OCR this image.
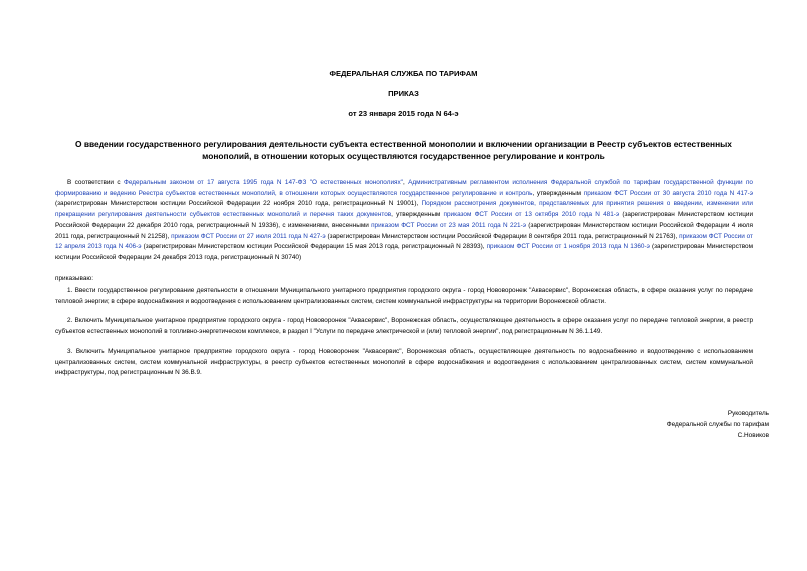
ФЕДЕРАЛЬНАЯ СЛУЖБА ПО ТАРИФАМ
ПРИКАЗ
от 23 января 2015 года N 64-э
О введении государственного регулирования деятельности субъекта естественной монополии и включении организации в Реестр субъектов естественных монополий, в отношении которых осуществляются государственное регулирование и контроль
В соответствии с Федеральным законом от 17 августа 1995 года N 147-ФЗ "О естественных монополиях", Административным регламентом исполнения Федеральной службой по тарифам государственной функции по формированию и ведению Реестра субъектов естественных монополий, в отношении которых осуществляются государственное регулирование и контроль, утвержденным приказом ФСТ России от 30 августа 2010 года N 417-э (зарегистрирован Министерством юстиции Российской Федерации 22 ноября 2010 года, регистрационный N 19001), Порядком рассмотрения документов, представляемых для принятия решения о введении, изменении или прекращении регулирования деятельности субъектов естественных монополий и перечня таких документов, утвержденным приказом ФСТ России от 13 октября 2010 года N 481-э (зарегистрирован Министерством юстиции Российской Федерации 22 декабря 2010 года, регистрационный N 19336), с изменениями, внесенными приказом ФСТ России от 23 мая 2011 года N 221-э (зарегистрирован Министерством юстиции Российской Федерации 4 июля 2011 года, регистрационный N 21258), приказом ФСТ России от 27 июля 2011 года N 427-э (зарегистрирован Министерством юстиции Российской Федерации 8 сентября 2011 года, регистрационный N 21763), приказом ФСТ России от 12 апреля 2013 года N 406-э (зарегистрирован Министерством юстиции Российской Федерации 15 мая 2013 года, регистрационный N 28393), приказом ФСТ России от 1 ноября 2013 года N 1360-э (зарегистрирован Министерством юстиции Российской Федерации 24 декабря 2013 года, регистрационный N 30740)
приказываю:
1. Ввести государственное регулирование деятельности в отношении Муниципального унитарного предприятия городского округа - город Нововоронеж "Аквасервис", Воронежская область, в сфере оказания услуг по передаче тепловой энергии; в сфере водоснабжения и водоотведения с использованием централизованных систем, систем коммунальной инфраструктуры на территории Воронежской области.
2. Включить Муниципальное унитарное предприятие городского округа - город Нововоронеж "Аквасервис", Воронежская область, осуществляющее деятельность в сфере оказания услуг по передаче тепловой энергии, в реестр субъектов естественных монополий в топливно-энергетическом комплексе, в раздел I "Услуги по передаче электрической и (или) тепловой энергии", под регистрационным N 36.1.149.
3. Включить Муниципальное унитарное предприятие городского округа - город Нововоронеж "Аквасервис", Воронежская область, осуществляющее деятельность по водоснабжению и водоотведению с использованием централизованных систем, систем коммунальной инфраструктуры, в реестр субъектов естественных монополий в сфере водоснабжения и водоотведения с использованием централизованных систем, систем коммунальной инфраструктуры, под регистрационным N 36.В.9.
Руководитель
Федеральной службы по тарифам
С.Новиков
